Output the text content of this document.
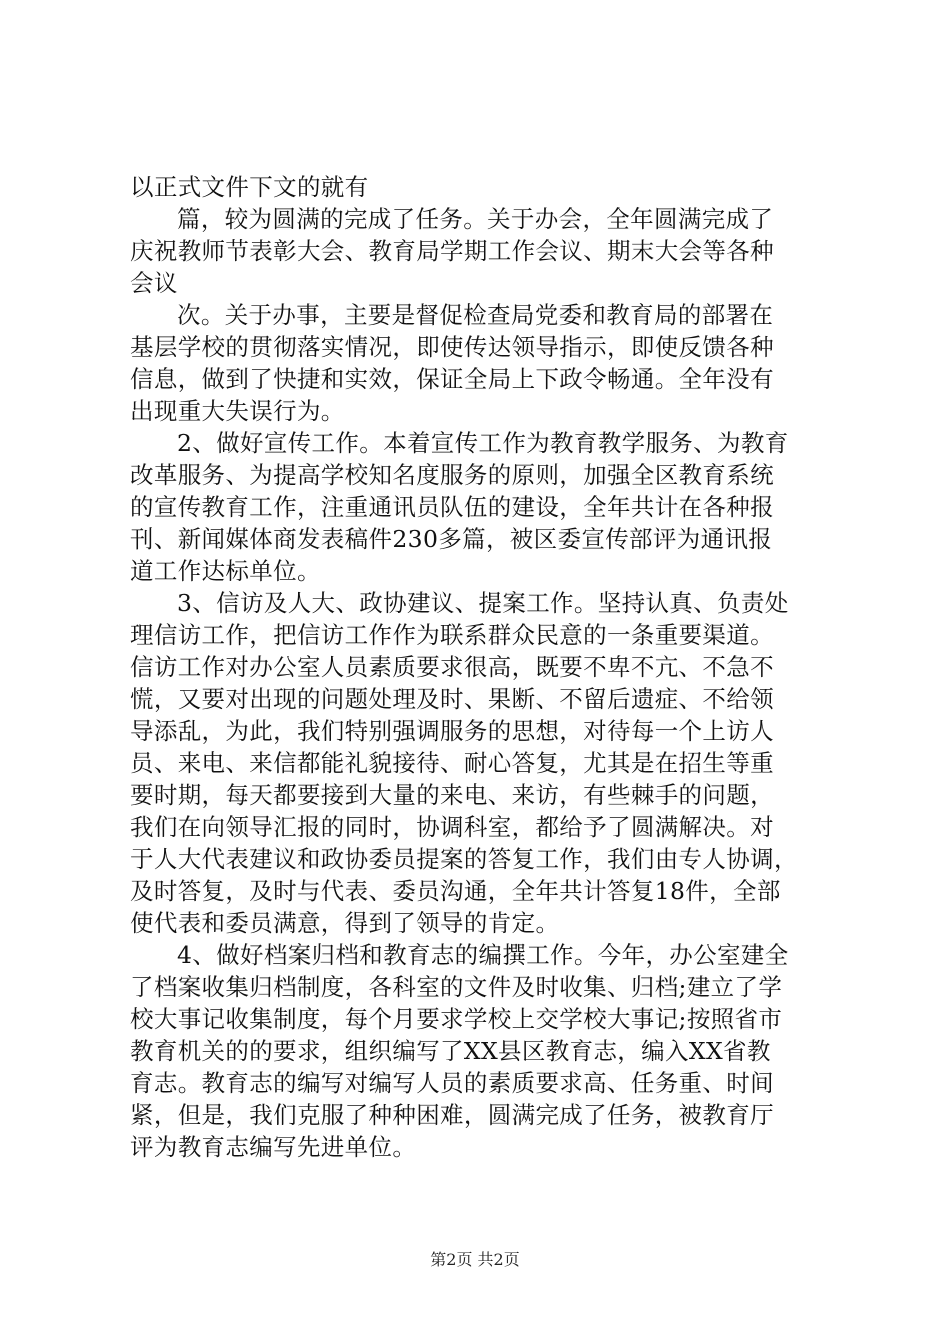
以正式文件下文的就有
篇，较为圆满的完成了任务。关于办会，全年圆满完成了
庆祝教师节表彰大会、教育局学期工作会议、期末大会等各种
会议
次。关于办事，主要是督促检查局党委和教育局的部署在
基层学校的贯彻落实情况，即使传达领导指示，即使反馈各种
信息，做到了快捷和实效，保证全局上下政令畅通。全年没有
出现重大失误行为。
2、做好宣传工作。本着宣传工作为教育教学服务、为教育
改革服务、为提高学校知名度服务的原则，加强全区教育系统
的宣传教育工作，注重通讯员队伍的建设，全年共计在各种报
刊、新闻媒体商发表稿件230多篇，被区委宣传部评为通讯报
道工作达标单位。
3、信访及人大、政协建议、提案工作。坚持认真、负责处
理信访工作，把信访工作作为联系群众民意的一条重要渠道。
信访工作对办公室人员素质要求很高，既要不卑不亢、不急不
慌，又要对出现的问题处理及时、果断、不留后遗症、不给领
导添乱，为此，我们特别强调服务的思想，对待每一个上访人
员、来电、来信都能礼貌接待、耐心答复，尤其是在招生等重
要时期，每天都要接到大量的来电、来访，有些棘手的问题，
我们在向领导汇报的同时，协调科室，都给予了圆满解决。对
于人大代表建议和政协委员提案的答复工作，我们由专人协调，
及时答复，及时与代表、委员沟通，全年共计答复18件，全部
使代表和委员满意，得到了领导的肯定。
4、做好档案归档和教育志的编撰工作。今年，办公室建全
了档案收集归档制度，各科室的文件及时收集、归档;建立了学
校大事记收集制度，每个月要求学校上交学校大事记;按照省市
教育机关的的要求，组织编写了XX县区教育志，编入XX省教
育志。教育志的编写对编写人员的素质要求高、任务重、时间
紧，但是，我们克服了种种困难，圆满完成了任务，被教育厅
评为教育志编写先进单位。
第2页 共2页
